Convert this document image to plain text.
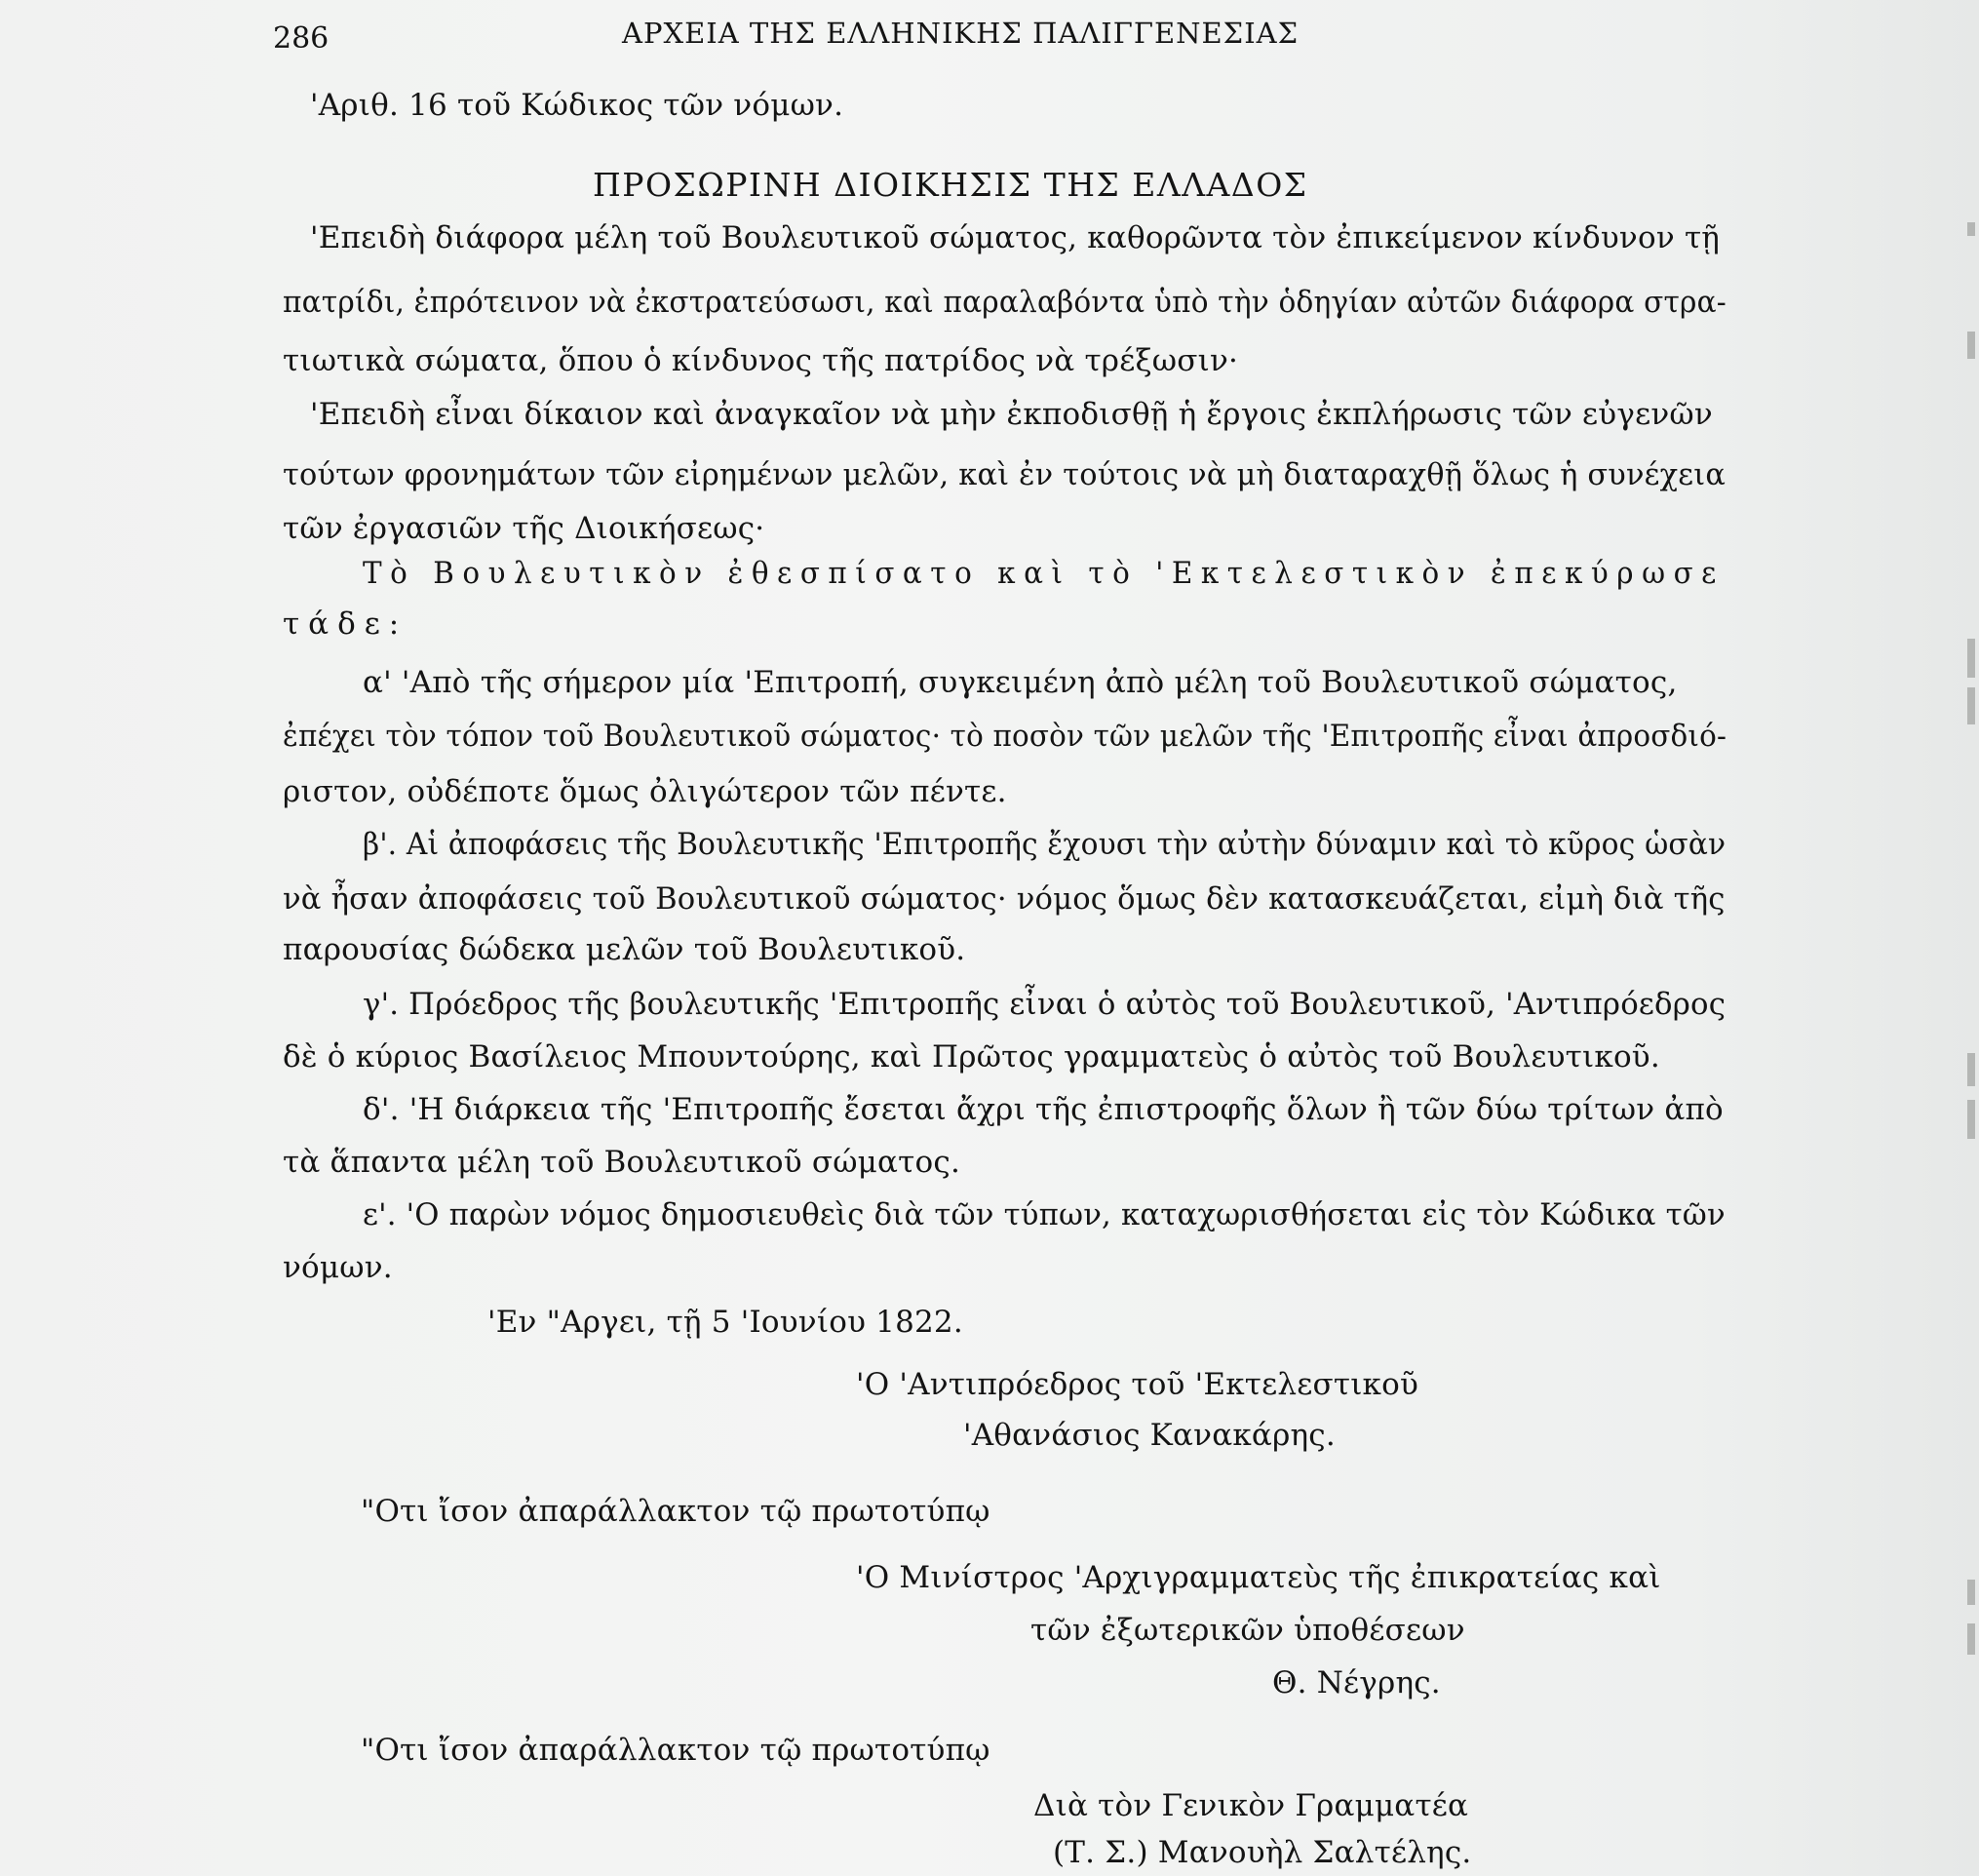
286	ΑΡΧΕΙΑ ΤΗΣ ΕΛΛΗΝΙΚΗΣ ΠΑΛΙΓΓΕΝΕΣΙΑΣ
'Αριθ. 16 τοῦ Κώδικος τῶν νόμων.
ΠΡΟΣΩΡΙΝΗ ΔΙΟΙΚΗΣΙΣ ΤΗΣ ΕΛΛΑΔΟΣ
'Επειδὴ διάφορα μέλη τοῦ Βουλευτικοῦ σώματος, καθορῶντα τὸν ἐπικείμενον κίνδυνον τῇ
πατρίδι, ἐπρότεινον νὰ ἐκστρατεύσωσι, καὶ παραλαβόντα ὑπὸ τὴν ὁδηγίαν αὐτῶν διάφορα στρα-
τιωτικὰ σώματα, ὅπου ὁ κίνδυνος τῆς πατρίδος νὰ τρέξωσιν·
'Επειδὴ εἶναι δίκαιον καὶ ἀναγκαῖον νὰ μὴν ἐκποδισθῇ ἡ ἔργοις ἐκπλήρωσις τῶν εὐγενῶν
τούτων φρονημάτων τῶν εἰρημένων μελῶν, καὶ ἐν τούτοις νὰ μὴ διαταραχθῇ ὅλως ἡ συνέχεια
τῶν ἐργασιῶν τῆς Διοικήσεως·
Τὸ Βουλευτικὸν ἐθεσπίσατο καὶ τὸ 'Εκτελεστικὸν ἐπεκύρωσε
τάδε:
α' 'Απὸ τῆς σήμερον μία 'Επιτροπή, συγκειμένη ἀπὸ μέλη τοῦ Βουλευτικοῦ σώματος,
ἐπέχει τὸν τόπον τοῦ Βουλευτικοῦ σώματος· τὸ ποσὸν τῶν μελῶν τῆς 'Επιτροπῆς εἶναι ἀπροσδιό-
ριστον, οὐδέποτε ὅμως ὀλιγώτερον τῶν πέντε.
β'. Αἱ ἀποφάσεις τῆς Βουλευτικῆς 'Επιτροπῆς ἔχουσι τὴν αὐτὴν δύναμιν καὶ τὸ κῦρος ὡσὰν
νὰ ἦσαν ἀποφάσεις τοῦ Βουλευτικοῦ σώματος· νόμος ὅμως δὲν κατασκευάζεται, εἰμὴ διὰ τῆς
παρουσίας δώδεκα μελῶν τοῦ Βουλευτικοῦ.
γ'. Πρόεδρος τῆς βουλευτικῆς 'Επιτροπῆς εἶναι ὁ αὐτὸς τοῦ Βουλευτικοῦ, 'Αντιπρόεδρος
δὲ ὁ κύριος Βασίλειος Μπουντούρης, καὶ Πρῶτος γραμματεὺς ὁ αὐτὸς τοῦ Βουλευτικοῦ.
δ'. 'Η διάρκεια τῆς 'Επιτροπῆς ἔσεται ἄχρι τῆς ἐπιστροφῆς ὅλων ἢ τῶν δύω τρίτων ἀπὸ
τὰ ἅπαντα μέλη τοῦ Βουλευτικοῦ σώματος.
ε'. 'Ο παρὼν νόμος δημοσιευθεὶς διὰ τῶν τύπων, καταχωρισθήσεται εἰς τὸν Κώδικα τῶν
νόμων.
'Εν "Αργει, τῇ 5 'Ιουνίου 1822.
'Ο 'Αντιπρόεδρος τοῦ 'Εκτελεστικοῦ
'Αθανάσιος Κανακάρης.
"Οτι ἴσον ἀπαράλλακτον τῷ πρωτοτύπῳ
'Ο Μινίστρος 'Αρχιγραμματεὺς τῆς ἐπικρατείας καὶ
τῶν ἐξωτερικῶν ὑποθέσεων
Θ. Νέγρης.
"Οτι ἴσον ἀπαράλλακτον τῷ πρωτοτύπῳ
Διὰ τὸν Γενικὸν Γραμματέα
(Τ. Σ.) Μανουὴλ Σαλτέλης.
